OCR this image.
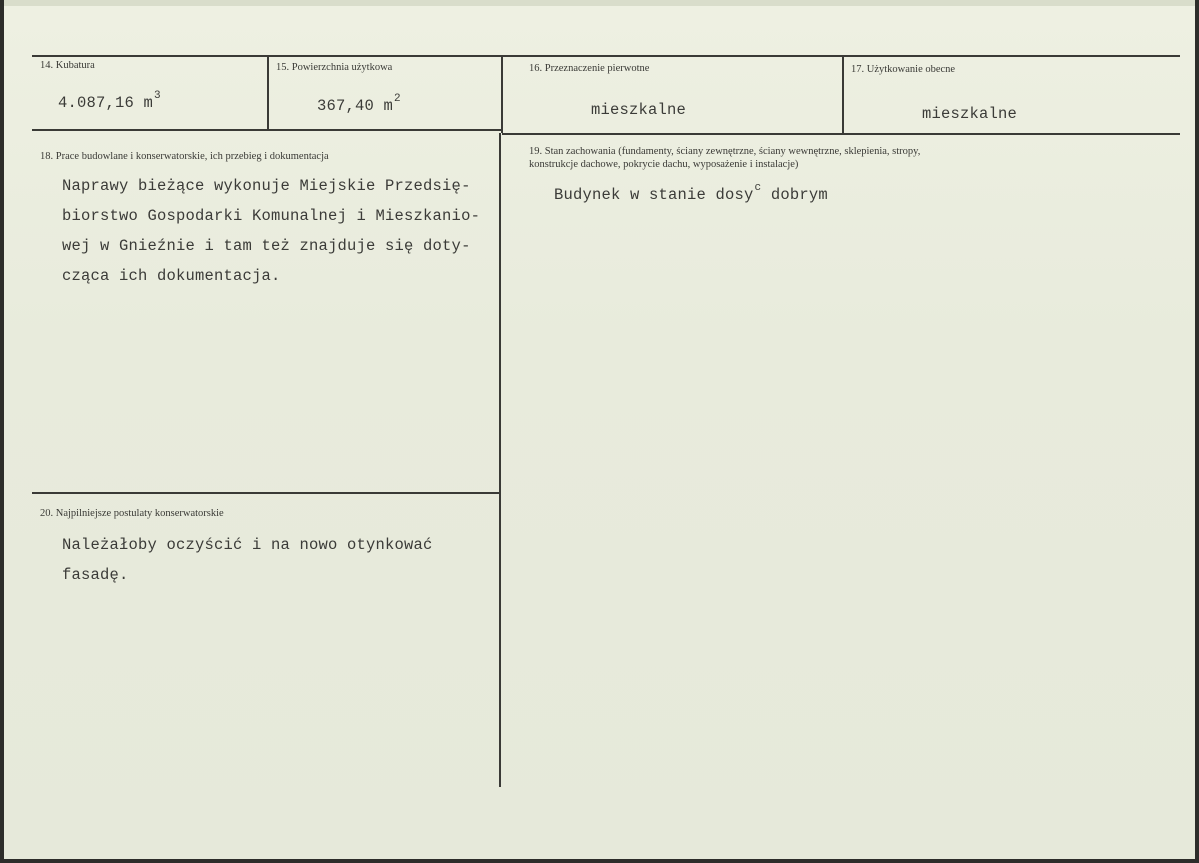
14. Kubatura
4.087,16 $m^3$
15. Powierzchnia użytkowa
367,40 $m^2$
16. Przeznaczenie pierwotne
mieszkalne
17. Użytkowanie obecne
mieszkalne
18. Prace budowlane i konserwatorskie, ich przebieg i dokumentacja
Naprawy bieżące wykonuje Miejskie Przedsię-
biorstwo Gospodarki Komunalnej i Mieszkanio-
wej w Gnieźnie i tam też znajduje się doty-
cząca ich dokumentacja.
19. Stan zachowania (fundamenty, ściany zewnętrzne, ściany wewnętrzne, sklepienia, stropy,
konstrukcje dachowe, pokrycie dachu, wyposażenie i instalacje)
Budynek w stanie dosy$^c$ dobrym
20. Najpilniejsze postulaty konserwatorskie
Należałoby oczyścić i na nowo otynkować
fasadę.
